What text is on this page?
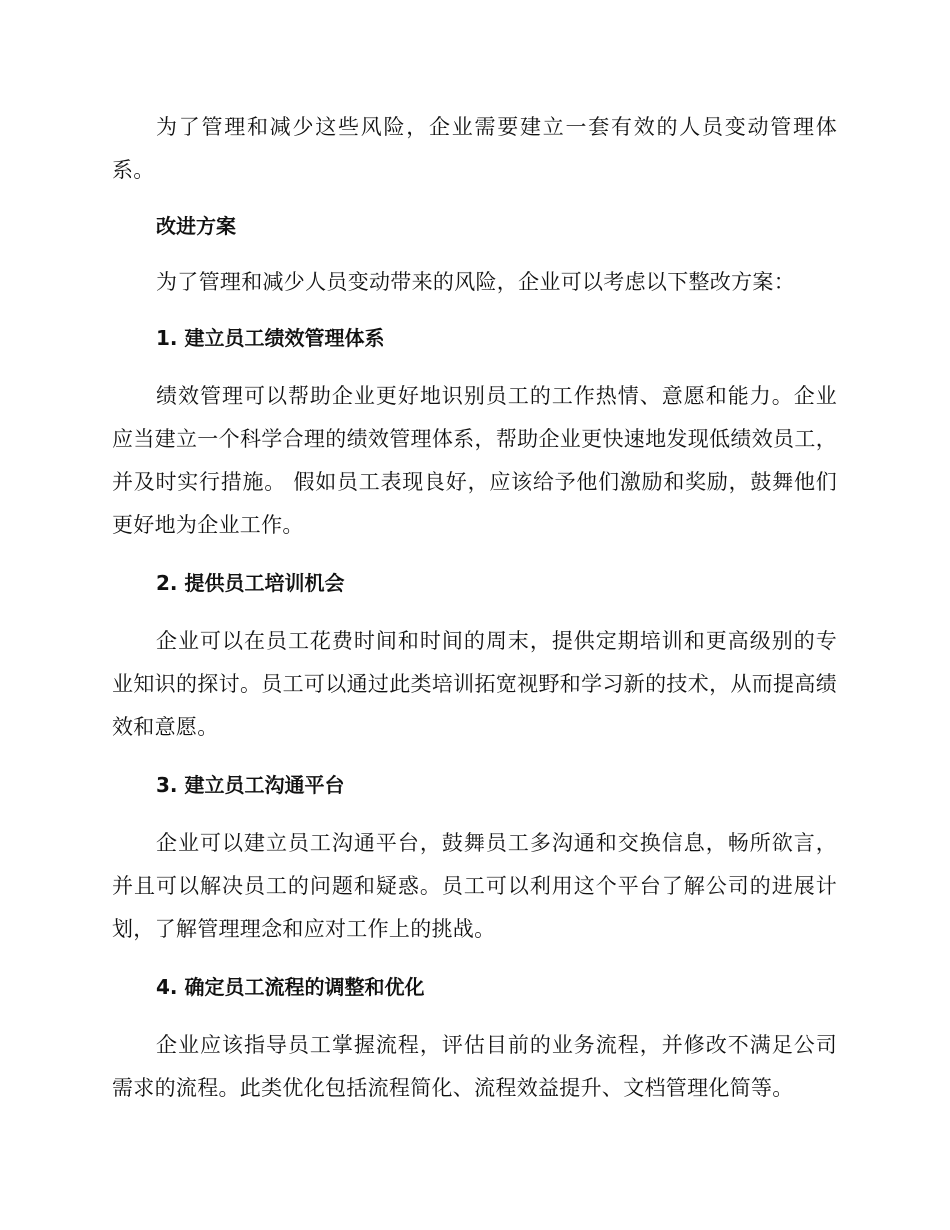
为了管理和减少这些风险，企业需要建立一套有效的人员变动管理体系。

改进方案

为了管理和减少人员变动带来的风险，企业可以考虑以下整改方案：

1. 建立员工绩效管理体系

绩效管理可以帮助企业更好地识别员工的工作热情、意愿和能力。企业应当建立一个科学合理的绩效管理体系，帮助企业更快速地发现低绩效员工，并及时实行措施。 假如员工表现良好，应该给予他们激励和奖励，鼓舞他们更好地为企业工作。

2. 提供员工培训机会

企业可以在员工花费时间和时间的周末，提供定期培训和更高级别的专业知识的探讨。员工可以通过此类培训拓宽视野和学习新的技术，从而提高绩效和意愿。

3. 建立员工沟通平台

企业可以建立员工沟通平台，鼓舞员工多沟通和交换信息，畅所欲言，并且可以解决员工的问题和疑惑。员工可以利用这个平台了解公司的进展计划，了解管理理念和应对工作上的挑战。

4. 确定员工流程的调整和优化

企业应该指导员工掌握流程，评估目前的业务流程，并修改不满足公司需求的流程。此类优化包括流程简化、流程效益提升、文档管理化简等。
